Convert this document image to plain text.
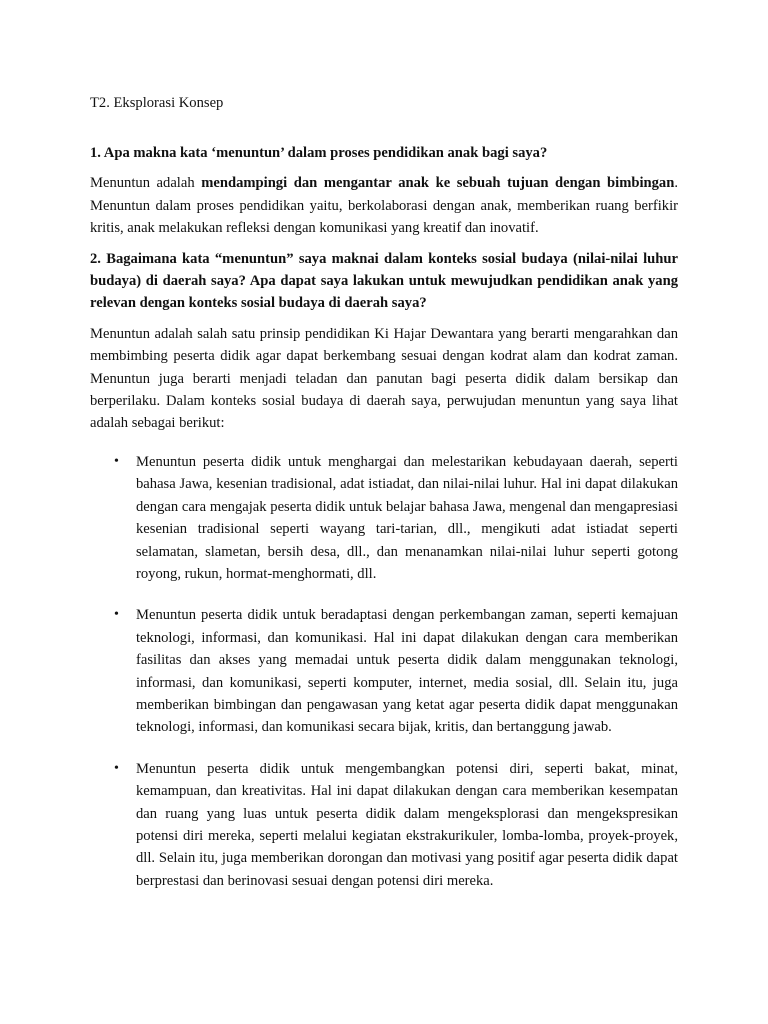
T2. Eksplorasi Konsep
1. Apa makna kata ‘menuntun’ dalam proses pendidikan anak bagi saya?
Menuntun adalah mendampingi dan mengantar anak ke sebuah tujuan dengan bimbingan. Menuntun dalam proses pendidikan yaitu, berkolaborasi dengan anak, memberikan ruang berfikir kritis, anak melakukan refleksi dengan komunikasi yang kreatif dan inovatif.
2. Bagaimana kata “menuntun” saya maknai dalam konteks sosial budaya (nilai-nilai luhur budaya) di daerah saya? Apa dapat saya lakukan untuk mewujudkan pendidikan anak yang relevan dengan konteks sosial budaya di daerah saya?
Menuntun adalah salah satu prinsip pendidikan Ki Hajar Dewantara yang berarti mengarahkan dan membimbing peserta didik agar dapat berkembang sesuai dengan kodrat alam dan kodrat zaman. Menuntun juga berarti menjadi teladan dan panutan bagi peserta didik dalam bersikap dan berperilaku. Dalam konteks sosial budaya di daerah saya, perwujudan menuntun yang saya lihat adalah sebagai berikut:
• Menuntun peserta didik untuk menghargai dan melestarikan kebudayaan daerah, seperti bahasa Jawa, kesenian tradisional, adat istiadat, dan nilai-nilai luhur. Hal ini dapat dilakukan dengan cara mengajak peserta didik untuk belajar bahasa Jawa, mengenal dan mengapresiasi kesenian tradisional seperti wayang tari-tarian, dll., mengikuti adat istiadat seperti selamatan, slametan, bersih desa, dll., dan menanamkan nilai-nilai luhur seperti gotong royong, rukun, hormat-menghormati, dll.
• Menuntun peserta didik untuk beradaptasi dengan perkembangan zaman, seperti kemajuan teknologi, informasi, dan komunikasi. Hal ini dapat dilakukan dengan cara memberikan fasilitas dan akses yang memadai untuk peserta didik dalam menggunakan teknologi, informasi, dan komunikasi, seperti komputer, internet, media sosial, dll. Selain itu, juga memberikan bimbingan dan pengawasan yang ketat agar peserta didik dapat menggunakan teknologi, informasi, dan komunikasi secara bijak, kritis, dan bertanggung jawab.
• Menuntun peserta didik untuk mengembangkan potensi diri, seperti bakat, minat, kemampuan, dan kreativitas. Hal ini dapat dilakukan dengan cara memberikan kesempatan dan ruang yang luas untuk peserta didik dalam mengeksplorasi dan mengekspresikan potensi diri mereka, seperti melalui kegiatan ekstrakurikuler, lomba-lomba, proyek-proyek, dll. Selain itu, juga memberikan dorongan dan motivasi yang positif agar peserta didik dapat berprestasi dan berinovasi sesuai dengan potensi diri mereka.
